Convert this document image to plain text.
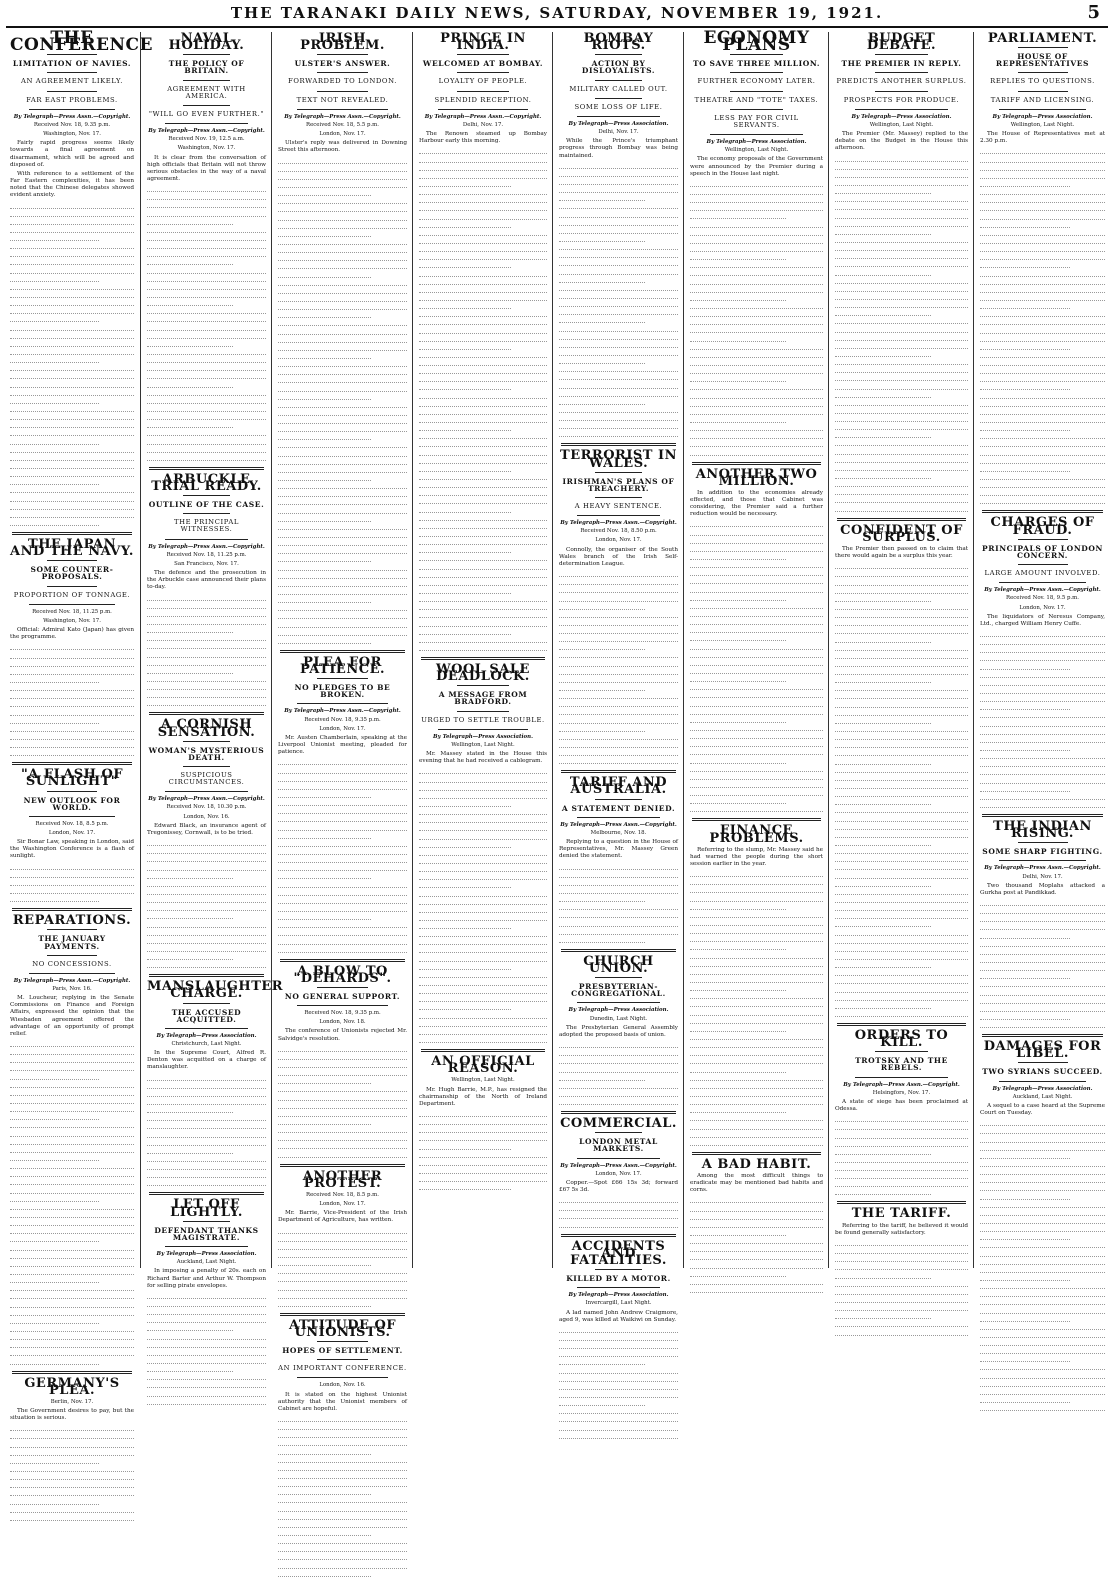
THE TARANAKI DAILY NEWS, SATURDAY, NOVEMBER 19, 1921.	5
THE CONFERENCE
LIMITATION OF NAVIES.
AN AGREEMENT LIKELY.
FAR EAST PROBLEMS.
By Telegraph—Press Assn.—Copyright.
Received Nov. 18, 9.35 p.m.
Washington, Nov. 17.

Fairly rapid progress seems likely towards a final agreement on disarmament, which will be agreed and disposed of.

With reference to a settlement of the Far Eastern complexities, it has been noted that the Chinese delegates showed evident anxiety.

THE JAPAN AND THE NAVY.
SOME COUNTER-PROPOSALS.
PROPORTION OF TONNAGE.
Received Nov. 18, 11.25 p.m.
Washington, Nov. 17.

Official: Admiral Kato (Japan) has given the programme.

"A FLASH OF SUNLIGHT"
NEW OUTLOOK FOR WORLD.
Received Nov. 18, 8.5 p.m.
London, Nov. 17.

Sir Bonar Law, speaking in London, said the Washington Conference is a flash of sunlight.

REPARATIONS.
THE JANUARY PAYMENTS.
NO CONCESSIONS.
By Telegraph—Press Assn.—Copyright.
Paris, Nov. 16.

M. Loucheur, replying in the Senate Commissions on Finance and Foreign Affairs, expressed the opinion that the Wiesbaden agreement offered the advantage of an opportunity of prompt relief.

GERMANY'S PLEA.
Berlin, Nov. 17.

The Government desires to pay, but the situation is serious.

NAVAL HOLIDAY.
THE POLICY OF BRITAIN.
AGREEMENT WITH AMERICA.
"WILL GO EVEN FURTHER."
By Telegraph—Press Assn.—Copyright.
Received Nov. 19, 12.5 a.m.
Washington, Nov. 17.

It is clear from the conversation of high officials that Britain will not throw serious obstacles in the way of a naval agreement.

ARBUCKLE TRIAL READY.
OUTLINE OF THE CASE.
THE PRINCIPAL WITNESSES.
By Telegraph—Press Assn.—Copyright.
Received Nov. 18, 11.25 p.m.
San Francisco, Nov. 17.

The defence and the prosecution in the Arbuckle case announced their plans to-day.

A CORNISH SENSATION.
WOMAN'S MYSTERIOUS DEATH.
SUSPICIOUS CIRCUMSTANCES.
By Telegraph—Press Assn.—Copyright.
Received Nov. 18, 10.30 p.m.
London, Nov. 16.

Edward Black, an insurance agent of Tregonissey, Cornwall, is to be tried.

MANSLAUGHTER CHARGE.
THE ACCUSED ACQUITTED.
By Telegraph—Press Association.
Christchurch, Last Night.

In the Supreme Court, Alfred R. Denton was acquitted on a charge of manslaughter.

LET OFF LIGHTLY.
DEFENDANT THANKS MAGISTRATE.
By Telegraph—Press Association.
Auckland, Last Night.

In imposing a penalty of 20s. each on Richard Barter and Arthur W. Thompson for selling pirate envelopes.

IRISH PROBLEM.
ULSTER'S ANSWER.
FORWARDED TO LONDON.
TEXT NOT REVEALED.
By Telegraph—Press Assn.—Copyright.
Received Nov. 18, 5.5 p.m.
London, Nov. 17.

Ulster's reply was delivered in Downing Street this afternoon.

PLEA FOR PATIENCE.
NO PLEDGES TO BE BROKEN.
By Telegraph—Press Assn.—Copyright.
Received Nov. 18, 9.35 p.m.
London, Nov. 17.

Mr. Austen Chamberlain, speaking at the Liverpool Unionist meeting, pleaded for patience.

A BLOW TO "DEHARDS".
NO GENERAL SUPPORT.
Received Nov. 18, 9.35 p.m.
London, Nov. 18.

The conference of Unionists rejected Mr. Salvidge's resolution.

ANOTHER PROTEST.
Received Nov. 18, 8.5 p.m.
London, Nov. 17.

Mr. Barrie, Vice-President of the Irish Department of Agriculture, has written.

ATTITUDE OF UNIONISTS.
HOPES OF SETTLEMENT.
AN IMPORTANT CONFERENCE.
London, Nov. 16.

It is stated on the highest Unionist authority that the Unionist members of Cabinet are hopeful.

PRINCE IN INDIA.
WELCOMED AT BOMBAY.
LOYALTY OF PEOPLE.
SPLENDID RECEPTION.
By Telegraph—Press Assn.—Copyright.
Delhi, Nov. 17.

The Renown steamed up Bombay Harbour early this morning.

WOOL SALE DEADLOCK.
A MESSAGE FROM BRADFORD.
URGED TO SETTLE TROUBLE.
By Telegraph—Press Association.
Wellington, Last Night.

Mr. Massey stated in the House this evening that he had received a cablegram.

AN OFFICIAL REASON.
Wellington, Last Night.

Mr. Hugh Barrie, M.P., has resigned the chairmanship of the North of Ireland Department.

BOMBAY RIOTS.
ACTION BY DISLOYALISTS.
MILITARY CALLED OUT.
SOME LOSS OF LIFE.
By Telegraph—Press Association.
Delhi, Nov. 17.

While the Prince's triumphant progress through Bombay was being maintained.

TERRORIST IN WALES.
IRISHMAN'S PLANS OF TREACHERY.
A HEAVY SENTENCE.
By Telegraph—Press Assn.—Copyright.
Received Nov. 18, 8.50 p.m.
London, Nov. 17.

Connolly, the organiser of the South Wales branch of the Irish Self-determination League.

TARIFF AND AUSTRALIA.
A STATEMENT DENIED.
By Telegraph—Press Assn.—Copyright.
Melbourne, Nov. 18.

Replying to a question in the House of Representatives, Mr. Massey Green denied the statement.

CHURCH UNION.
PRESBYTERIAN-CONGREGATIONAL.
By Telegraph—Press Association.
Dunedin, Last Night.

The Presbyterian General Assembly adopted the proposed basis of union.

COMMERCIAL.
LONDON METAL MARKETS.
By Telegraph—Press Assn.—Copyright.
London, Nov. 17.

Copper.—Spot £66 15s 3d; forward £67 5s 3d.

ACCIDENTS AND FATALITIES.
KILLED BY A MOTOR.
By Telegraph—Press Association.
Invercargill, Last Night.

A lad named John Andrew Craigmore, aged 9, was killed at Waikiwi on Sunday.

ECONOMY PLANS
TO SAVE THREE MILLION.
FURTHER ECONOMY LATER.
THEATRE AND "TOTE" TAXES.
LESS PAY FOR CIVIL SERVANTS.
By Telegraph—Press Association.
Wellington, Last Night.

The economy proposals of the Government were announced by the Premier during a speech in the House last night.

ANOTHER TWO MILLION.

In addition to the economies already effected, and those that Cabinet was considering, the Premier said a further reduction would be necessary.

FINANCE PROBLEMS.

Referring to the slump, Mr. Massey said he had warned the people during the short session earlier in the year.

A BAD HABIT.

Among the most difficult things to eradicate may be mentioned bad habits and corns.

BUDGET DEBATE.
THE PREMIER IN REPLY.
PREDICTS ANOTHER SURPLUS.
PROSPECTS FOR PRODUCE.
By Telegraph—Press Association.
Wellington, Last Night.

The Premier (Mr. Massey) replied to the debate on the Budget in the House this afternoon.

CONFIDENT OF SURPLUS.

The Premier then passed on to claim that there would again be a surplus this year.

ORDERS TO KILL.
TROTSKY AND THE REBELS.
By Telegraph—Press Assn.—Copyright.
Helsingfors, Nov. 17.

A state of siege has been proclaimed at Odessa.

THE TARIFF.

Referring to the tariff, he believed it would be found generally satisfactory.

PARLIAMENT.
HOUSE OF REPRESENTATIVES
REPLIES TO QUESTIONS.
TARIFF AND LICENSING.
By Telegraph—Press Association.
Wellington, Last Night.

The House of Representatives met at 2.30 p.m.

CHARGES OF FRAUD.
PRINCIPALS OF LONDON CONCERN.
LARGE AMOUNT INVOLVED.
By Telegraph—Press Assn.—Copyright.
Received Nov. 18, 9.5 p.m.
London, Nov. 17.

The liquidators of Neresus Company, Ltd., charged William Henry Cuffe.

THE INDIAN RISING.
SOME SHARP FIGHTING.
By Telegraph—Press Assn.—Copyright.
Delhi, Nov. 17.

Two thousand Moplahs attacked a Gurkha post at Pandikkad.

DAMAGES FOR LIBEL.
TWO SYRIANS SUCCEED.
By Telegraph—Press Association.
Auckland, Last Night.

A sequel to a case heard at the Supreme Court on Tuesday.
